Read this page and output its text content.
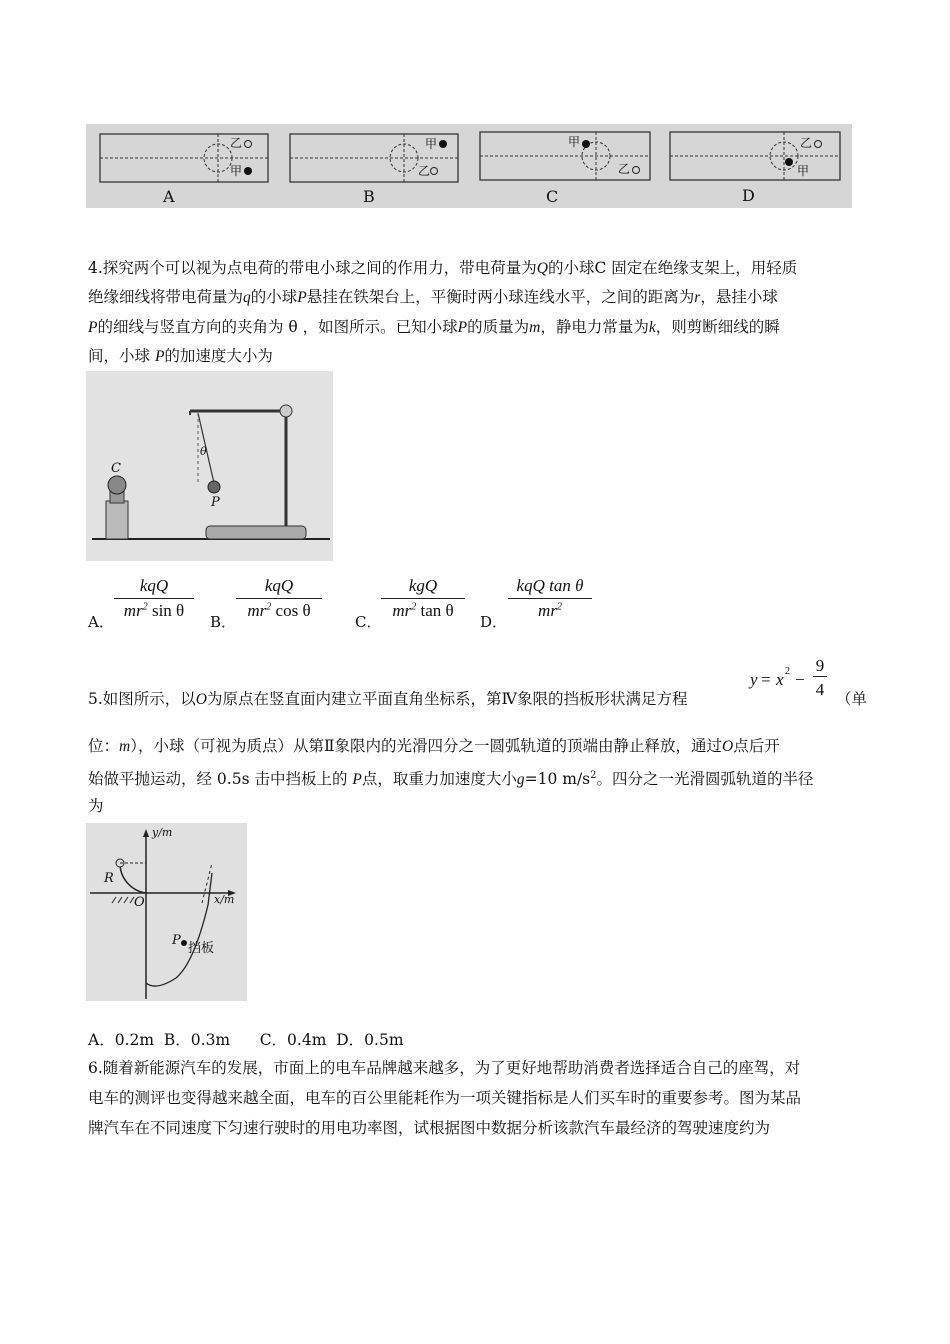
乙
甲
A
甲
乙
B
甲
乙
C
乙
甲
D
4.探究两个可以视为点电荷的带电小球之间的作用力，带电荷量为Q的小球C 固定在绝缘支架上，用轻质
绝缘细线将带电荷量为q的小球P悬挂在铁架台上，平衡时两小球连线水平，之间的距离为r，悬挂小球
P的细线与竖直方向的夹角为 θ ，如图所示。已知小球P的质量为m，静电力常量为k，则剪断细线的瞬
间，小球 P的加速度大小为
C
θ
P
A．
kqQ
$mr^2$ sin θ
B．
kqQ
$mr^2$ cos θ
C．
kgQ
$mr^2$ tan θ
D．
kqQ tan θ
$mr^2$
5.如图所示，以O为原点在竖直面内建立平面直角坐标系，第Ⅳ象限的挡板形状满足方程
y = x 2 −
9
4 （单
位：m），小球（可视为质点）从第Ⅱ象限内的光滑四分之一圆弧轨道的顶端由静止释放，通过O点后开
始做平抛运动，经 0.5s 击中挡板上的 P点，取重力加速度大小g=10 $m/s^2$。四分之一光滑圆弧轨道的半径
为
y/m
x/m
R
O
P
挡板
A．0.2m  B．0.3m      C．0.4m  D．0.5m
6.随着新能源汽车的发展，市面上的电车品牌越来越多，为了更好地帮助消费者选择适合自己的座驾，对
电车的测评也变得越来越全面，电车的百公里能耗作为一项关键指标是人们买车时的重要参考。图为某品
牌汽车在不同速度下匀速行驶时的用电功率图，试根据图中数据分析该款汽车最经济的驾驶速度约为
